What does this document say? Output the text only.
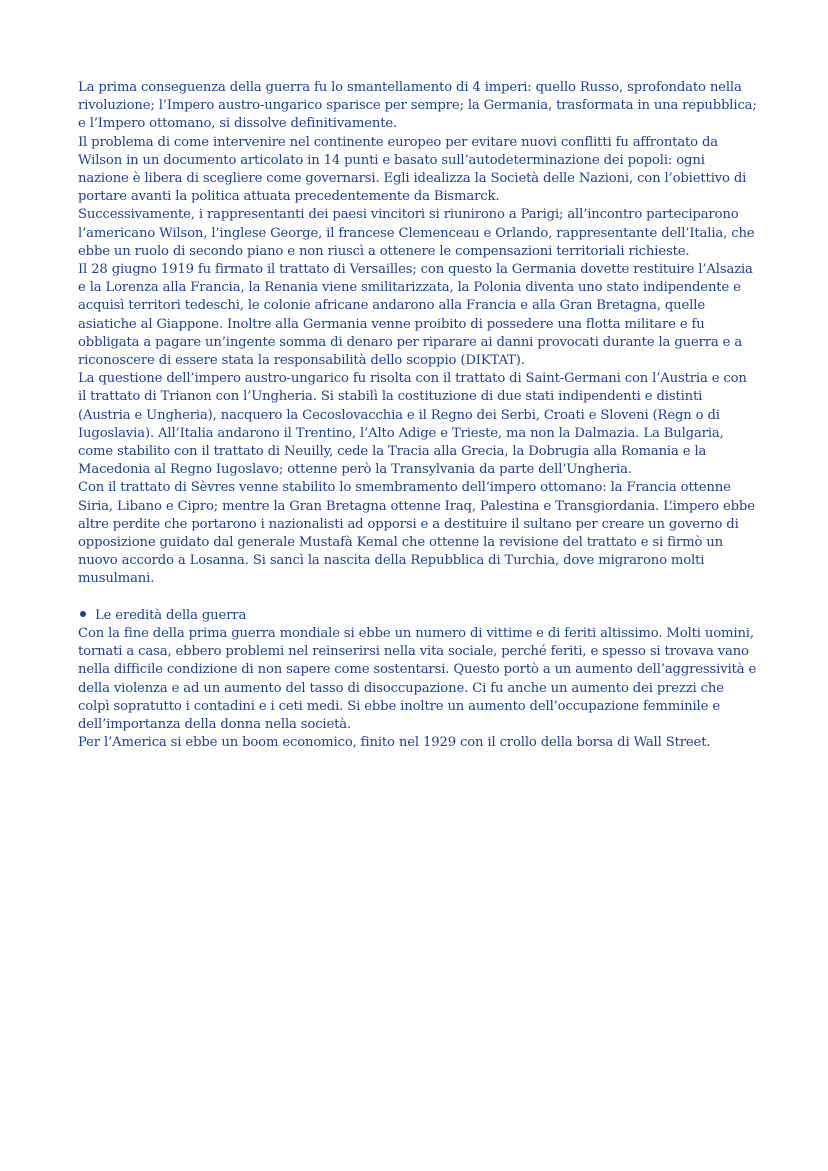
La prima conseguenza della guerra fu lo smantellamento di 4 imperi: quello Russo, sprofondato nella rivoluzione; l’Impero austro-ungarico sparisce per sempre; la Germania, trasformata in una repubblica; e l’Impero ottomano, si dissolve definitivamente.

Il problema di come intervenire nel continente europeo per evitare nuovi conflitti fu affrontato da Wilson in un documento articolato in 14 punti e basato sull’autodeterminazione dei popoli: ogni nazione è libera di scegliere come governarsi. Egli idealizza la Società delle Nazioni, con l’obiettivo di portare avanti la politica attuata precedentemente da Bismarck.

Successivamente, i rappresentanti dei paesi vincitori si riunirono a Parigi; all’incontro parteciparono l’americano Wilson, l’inglese George, il francese Clemenceau e Orlando, rappresentante dell’Italia, che ebbe un ruolo di secondo piano e non riuscì a ottenere le compensazioni territoriali richieste.

Il 28 giugno 1919 fu firmato il trattato di Versailles; con questo la Germania dovette restituire l’Alsazia e la Lorenza alla Francia, la Renania viene smilitarizzata, la Polonia diventa uno stato indipendente e acquisì territori tedeschi, le colonie africane andarono alla Francia e alla Gran Bretagna, quelle asiatiche al Giappone. Inoltre alla Germania venne proibito di possedere una flotta militare e fu obbligata a pagare un’ingente somma di denaro per riparare ai danni provocati durante la guerra e a riconoscere di essere stata la responsabilità dello scoppio (DIKTAT).

La questione dell’impero austro-ungarico fu risolta con il trattato di Saint-Germani con l’Austria e con il trattato di Trianon con l’Ungheria. Si stabilì la costituzione di due stati indipendenti e distinti (Austria e Ungheria), nacquero la Cecoslovacchia e il Regno dei Serbi, Croati e Sloveni (Regn o di Iugoslavia). All’Italia andarono il Trentino, l’Alto Adige e Trieste, ma non la Dalmazia. La Bulgaria, come stabilito con il trattato di Neuilly, cede la Tracia alla Grecia, la Dobrugia alla Romania e la Macedonia al Regno Iugoslavo; ottenne però la Transylvania da parte dell’Ungheria.

Con il trattato di Sèvres venne stabilito lo smembramento dell’impero ottomano: la Francia ottenne Siria, Libano e Cipro; mentre la Gran Bretagna ottenne Iraq, Palestina e Transgiordania. L’impero ebbe altre perdite che portarono i nazionalisti ad opporsi e a destituire il sultano per creare un governo di opposizione guidato dal generale Mustafà Kemal che ottenne la revisione del trattato e si firmò un nuovo accordo a Losanna. Si sancì la nascita della Repubblica di Turchia, dove migrarono molti musulmani.

Le eredità della guerra

Con la fine della prima guerra mondiale si ebbe un numero di vittime e di feriti altissimo. Molti uomini, tornati a casa, ebbero problemi nel reinserirsi nella vita sociale, perché feriti, e spesso si trovava vano nella difficile condizione di non sapere come sostentarsi. Questo portò a un aumento dell’aggressività e della violenza e ad un aumento del tasso di disoccupazione. Ci fu anche un aumento dei prezzi che colpì sopratutto i contadini e i ceti medi. Si ebbe inoltre un aumento dell’occupazione femminile e dell’importanza della donna nella società.

Per l’America si ebbe un boom economico, finito nel 1929 con il crollo della borsa di Wall Street.
